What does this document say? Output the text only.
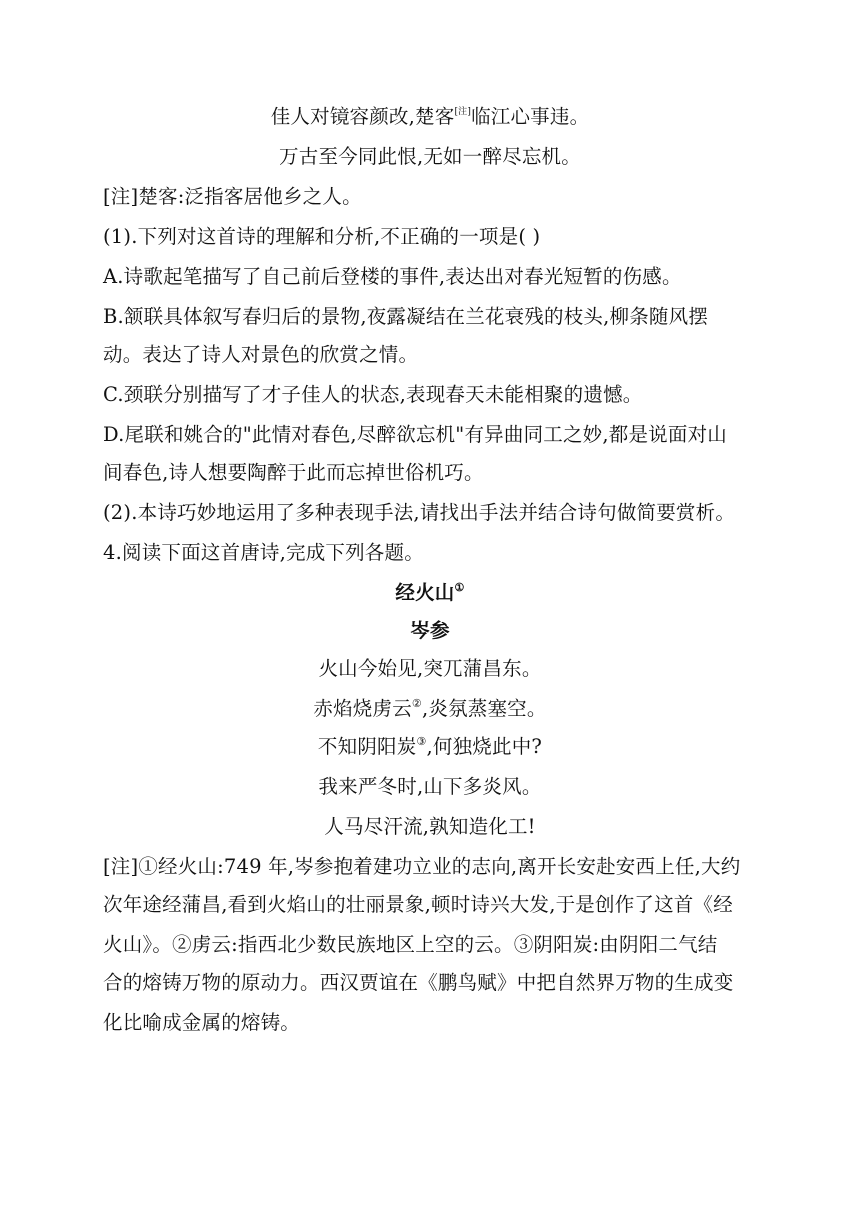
佳人对镜容颜改,楚客[注]临江心事违。
万古至今同此恨,无如一醉尽忘机。
[注]楚客:泛指客居他乡之人。
(1).下列对这首诗的理解和分析,不正确的一项是( )
A.诗歌起笔描写了自己前后登楼的事件,表达出对春光短暂的伤感。
B.颔联具体叙写春归后的景物,夜露凝结在兰花衰残的枝头,柳条随风摆
动。表达了诗人对景色的欣赏之情。
C.颈联分别描写了才子佳人的状态,表现春天未能相聚的遗憾。
D.尾联和姚合的"此情对春色,尽醉欲忘机"有异曲同工之妙,都是说面对山
间春色,诗人想要陶醉于此而忘掉世俗机巧。
(2).本诗巧妙地运用了多种表现手法,请找出手法并结合诗句做简要赏析。
4.阅读下面这首唐诗,完成下列各题。
经火山①
岑参
火山今始见,突兀蒲昌东。
赤焰烧虏云②,炎氛蒸塞空。
不知阴阳炭③,何独烧此中?
我来严冬时,山下多炎风。
人马尽汗流,孰知造化工!
[注]①经火山:749 年,岑参抱着建功立业的志向,离开长安赴安西上任,大约
次年途经蒲昌,看到火焰山的壮丽景象,顿时诗兴大发,于是创作了这首《经
火山》。②虏云:指西北少数民族地区上空的云。③阴阳炭:由阴阳二气结
合的熔铸万物的原动力。西汉贾谊在《鹏鸟赋》中把自然界万物的生成变
化比喻成金属的熔铸。
